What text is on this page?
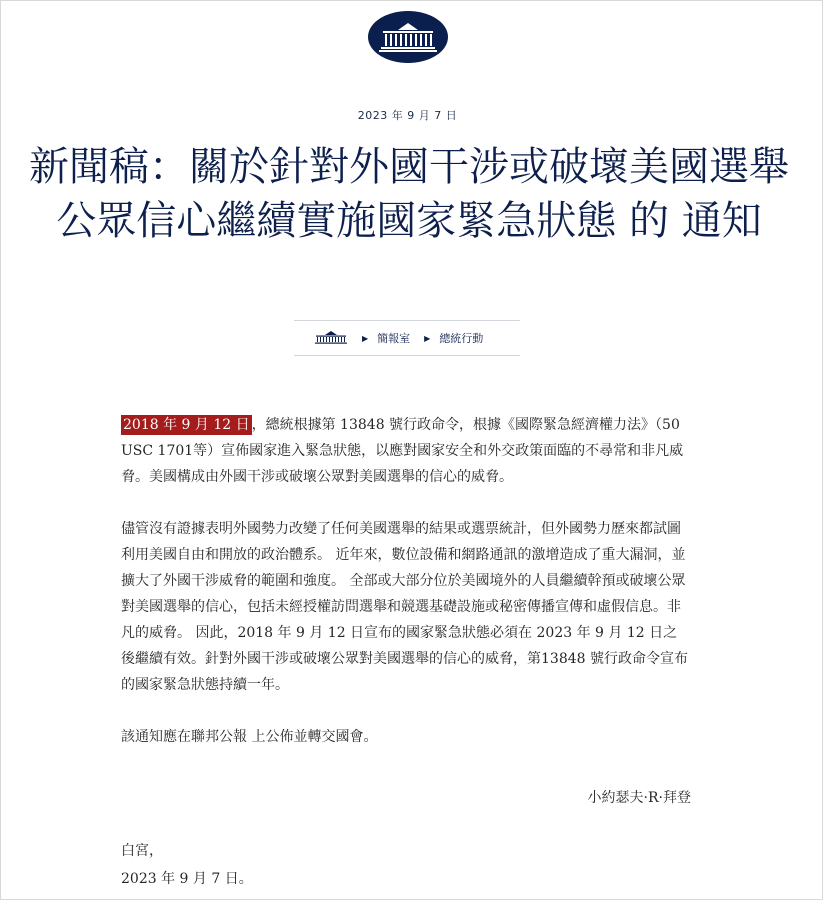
2023 年 9 月 7 日
新聞稿：關於針對外國干涉或破壞美國選舉公眾信心繼續實施國家緊急狀態 的 通知
▶ 簡報室 ▶ 總統行動

2018 年 9 月 12 日 ，總統根據第 13848 號行政命令，根據《國際緊急經濟權力法》（50 USC 1701等）宣佈國家進入緊急狀態，以應對國家安全和外交政策面臨的不尋常和非凡威脅。美國構成由外國干涉或破壞公眾對美國選舉的信心的威脅。

儘管沒有證據表明外國勢力改變了任何美國選舉的結果或選票統計，但外國勢力歷來都試圖利用美國自由和開放的政治體系。 近年來，數位設備和網路通訊的激增造成了重大漏洞，並擴大了外國干涉威脅的範圍和強度。 全部或大部分位於美國境外的人員繼續幹預或破壞公眾對美國選舉的信心，包括未經授權訪問選舉和競選基礎設施或秘密傳播宣傳和虛假信息。非凡的威脅。 因此，2018 年 9 月 12 日宣布的國家緊急狀態必須在 2023 年 9 月 12 日之後繼續有效。針對外國干涉或破壞公眾對美國選舉的信心的威脅，第13848 號行政命令宣布的國家緊急狀態持續一年。

該通知應在聯邦公報 上公佈並轉交國會。

小約瑟夫·R·拜登
白宮，
2023 年 9 月 7 日。
